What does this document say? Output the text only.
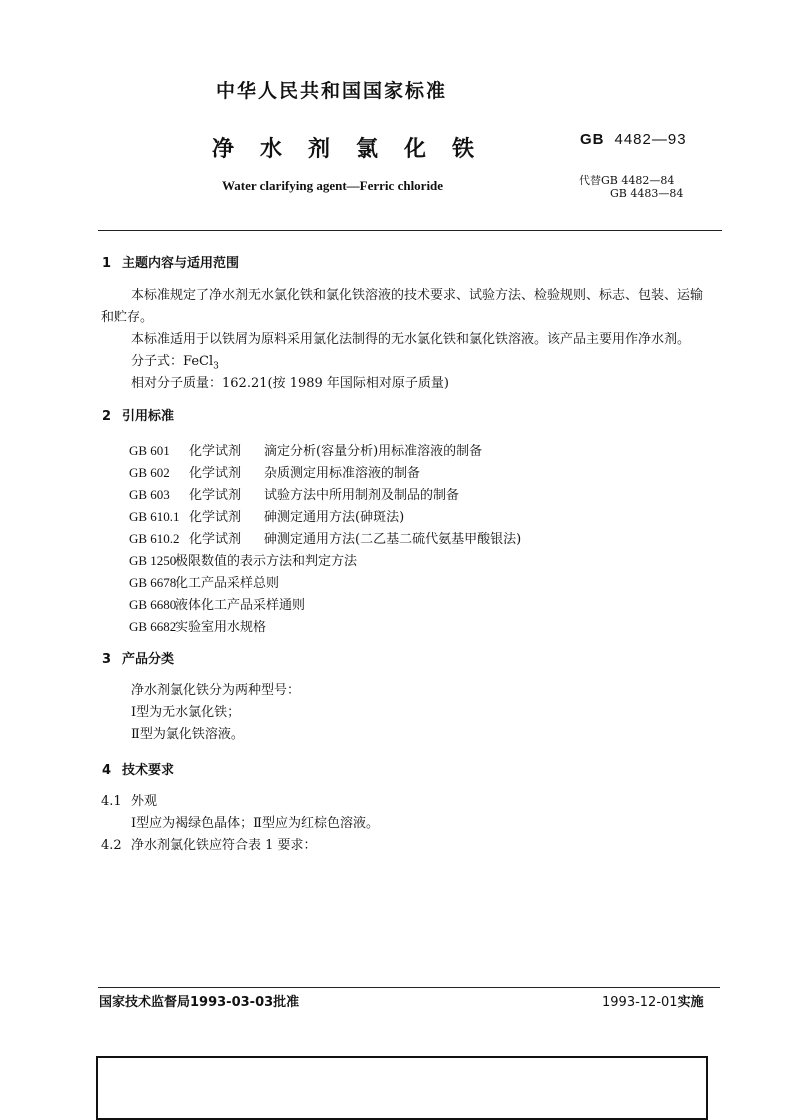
中华人民共和国国家标准
净水剂氯化铁
Water clarifying agent—Ferric chloride
GB 4482—93
代替GB 4482—84
GB 4483—84
1 主题内容与适用范围
本标准规定了净水剂无水氯化铁和氯化铁溶液的技术要求、试验方法、检验规则、标志、包装、运输
和贮存。
本标准适用于以铁屑为原料采用氯化法制得的无水氯化铁和氯化铁溶液。该产品主要用作净水剂。
分子式：FeCl$_3$
相对分子质量：162.21(按 1989 年国际相对原子质量)
2 引用标准
GB 601 化学试剂 滴定分析(容量分析)用标准溶液的制备
GB 602 化学试剂 杂质测定用标准溶液的制备
GB 603 化学试剂 试验方法中所用制剂及制品的制备
GB 610.1 化学试剂 砷测定通用方法(砷斑法)
GB 610.2 化学试剂 砷测定通用方法(二乙基二硫代氨基甲酸银法)
GB 1250极限数值的表示方法和判定方法
GB 6678化工产品采样总则
GB 6680液体化工产品采样通则
GB 6682实验室用水规格
3 产品分类
净水剂氯化铁分为两种型号：
Ⅰ型为无水氯化铁；
Ⅱ型为氯化铁溶液。
4 技术要求
4.1 外观
Ⅰ型应为褐绿色晶体；Ⅱ型应为红棕色溶液。
4.2 净水剂氯化铁应符合表 1 要求：
国家技术监督局1993-03-03批准	1993-12-01实施
